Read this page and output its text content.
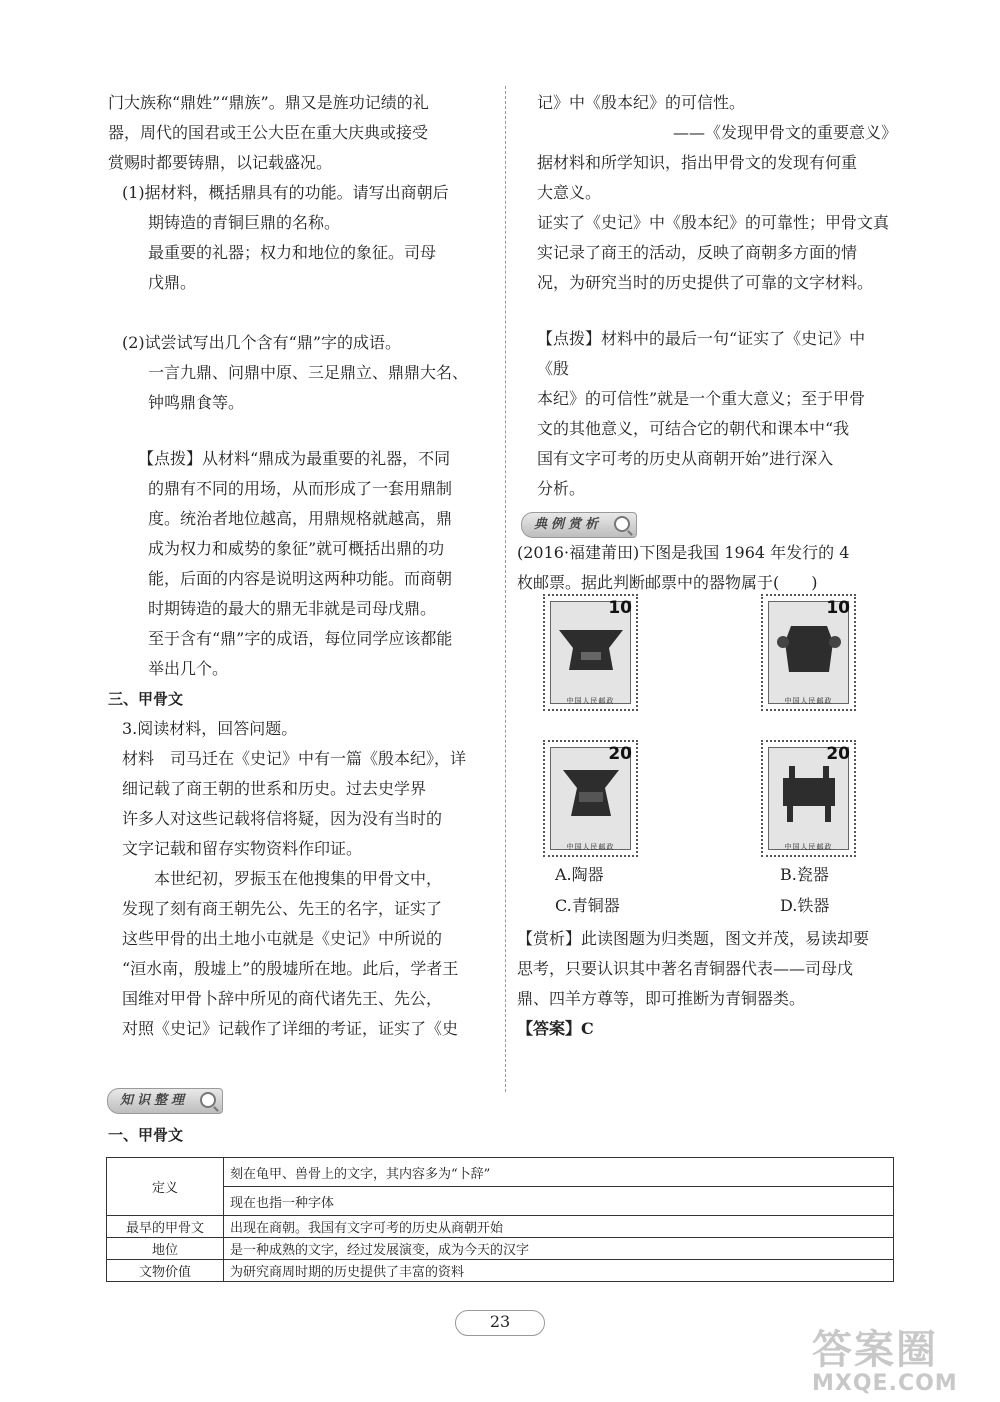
门大族称“鼎姓”“鼎族”。鼎又是旌功记绩的礼

器，周代的国君或王公大臣在重大庆典或接受

赏赐时都要铸鼎，以记载盛况。

(1)据材料，概括鼎具有的功能。请写出商朝后

期铸造的青铜巨鼎的名称。

最重要的礼器；权力和地位的象征。司母

戊鼎。

(2)试尝试写出几个含有“鼎”字的成语。

一言九鼎、问鼎中原、三足鼎立、鼎鼎大名、

钟鸣鼎食等。

【点拨】从材料“鼎成为最重要的礼器，不同

的鼎有不同的用场，从而形成了一套用鼎制

度。统治者地位越高，用鼎规格就越高，鼎

成为权力和威势的象征”就可概括出鼎的功

能，后面的内容是说明这两种功能。而商朝

时期铸造的最大的鼎无非就是司母戊鼎。

至于含有“鼎”字的成语，每位同学应该都能

举出几个。

三、甲骨文

3.阅读材料，回答问题。

材料　司马迁在《史记》中有一篇《殷本纪》，详

细记载了商王朝的世系和历史。过去史学界

许多人对这些记载将信将疑，因为没有当时的

文字记载和留存实物资料作印证。

　　本世纪初，罗振玉在他搜集的甲骨文中，

发现了刻有商王朝先公、先王的名字，证实了

这些甲骨的出土地小屯就是《史记》中所说的

“洹水南，殷墟上”的殷墟所在地。此后，学者王

国维对甲骨卜辞中所见的商代诸先王、先公，

对照《史记》记载作了详细的考证，证实了《史

记》中《殷本纪》的可信性。

——《发现甲骨文的重要意义》

据材料和所学知识，指出甲骨文的发现有何重

大意义。

证实了《史记》中《殷本纪》的可靠性；甲骨文真

实记录了商王的活动，反映了商朝多方面的情

况，为研究当时的历史提供了可靠的文字材料。

【点拨】材料中的最后一句“证实了《史记》中《殷

本纪》的可信性”就是一个重大意义；至于甲骨

文的其他意义，可结合它的朝代和课本中“我

国有文字可考的历史从商朝开始”进行深入

分析。

典例赏析

(2016·福建莆田)下图是我国 1964 年发行的 4

枚邮票。据此判断邮票中的器物属于(　　)

10
中国人民邮政
10
中国人民邮政
20
中国人民邮政
20
中国人民邮政
A.陶器	B.瓷器
C.青铜器	D.铁器

【赏析】此读图题为归类题，图文并茂，易读却要

思考，只要认识其中著名青铜器代表——司母戊

鼎、四羊方尊等，即可推断为青铜器类。

【答案】C

知识整理
一、甲骨文
定义	刻在龟甲、兽骨上的文字，其内容多为“卜辞”
	现在也指一种字体
最早的甲骨文	出现在商朝。我国有文字可考的历史从商朝开始
地位	是一种成熟的文字，经过发展演变，成为今天的汉字
文物价值	为研究商周时期的历史提供了丰富的资料
23
答案圈
MXQE.COM
